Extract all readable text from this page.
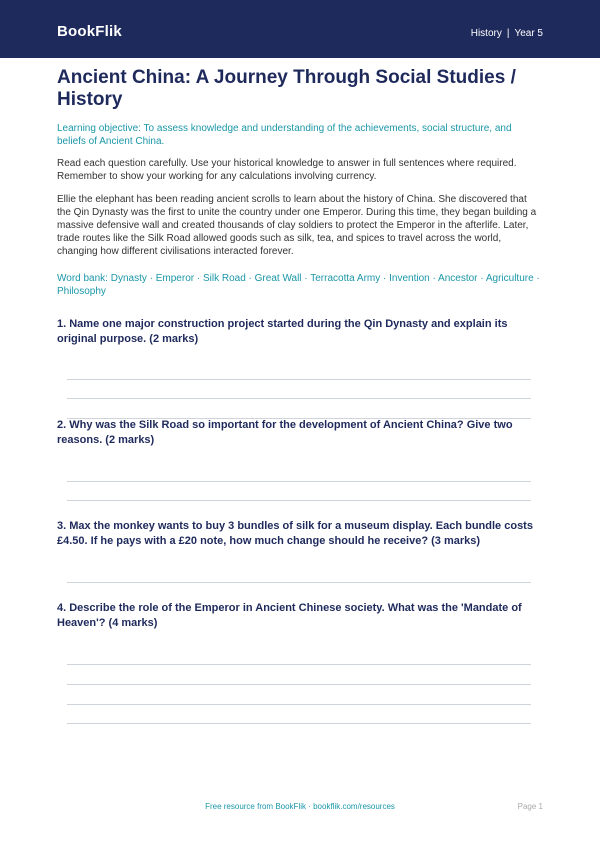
BookFlik	History | Year 5
Ancient China: A Journey Through Social Studies / History

Learning objective: To assess knowledge and understanding of the achievements, social structure, and beliefs of Ancient China.

Read each question carefully. Use your historical knowledge to answer in full sentences where required. Remember to show your working for any calculations involving currency.

Ellie the elephant has been reading ancient scrolls to learn about the history of China. She discovered that the Qin Dynasty was the first to unite the country under one Emperor. During this time, they began building a massive defensive wall and created thousands of clay soldiers to protect the Emperor in the afterlife. Later, trade routes like the Silk Road allowed goods such as silk, tea, and spices to travel across the world, changing how different civilisations interacted forever.

Word bank: Dynasty · Emperor · Silk Road · Great Wall · Terracotta Army · Invention · Ancestor · Agriculture · Philosophy

1. Name one major construction project started during the Qin Dynasty and explain its original purpose. (2 marks)

2. Why was the Silk Road so important for the development of Ancient China? Give two reasons. (2 marks)

3. Max the monkey wants to buy 3 bundles of silk for a museum display. Each bundle costs £4.50. If he pays with a £20 note, how much change should he receive? (3 marks)

4. Describe the role of the Emperor in Ancient Chinese society. What was the 'Mandate of Heaven'? (4 marks)

Free resource from BookFlik · bookflik.com/resources	Page 1
